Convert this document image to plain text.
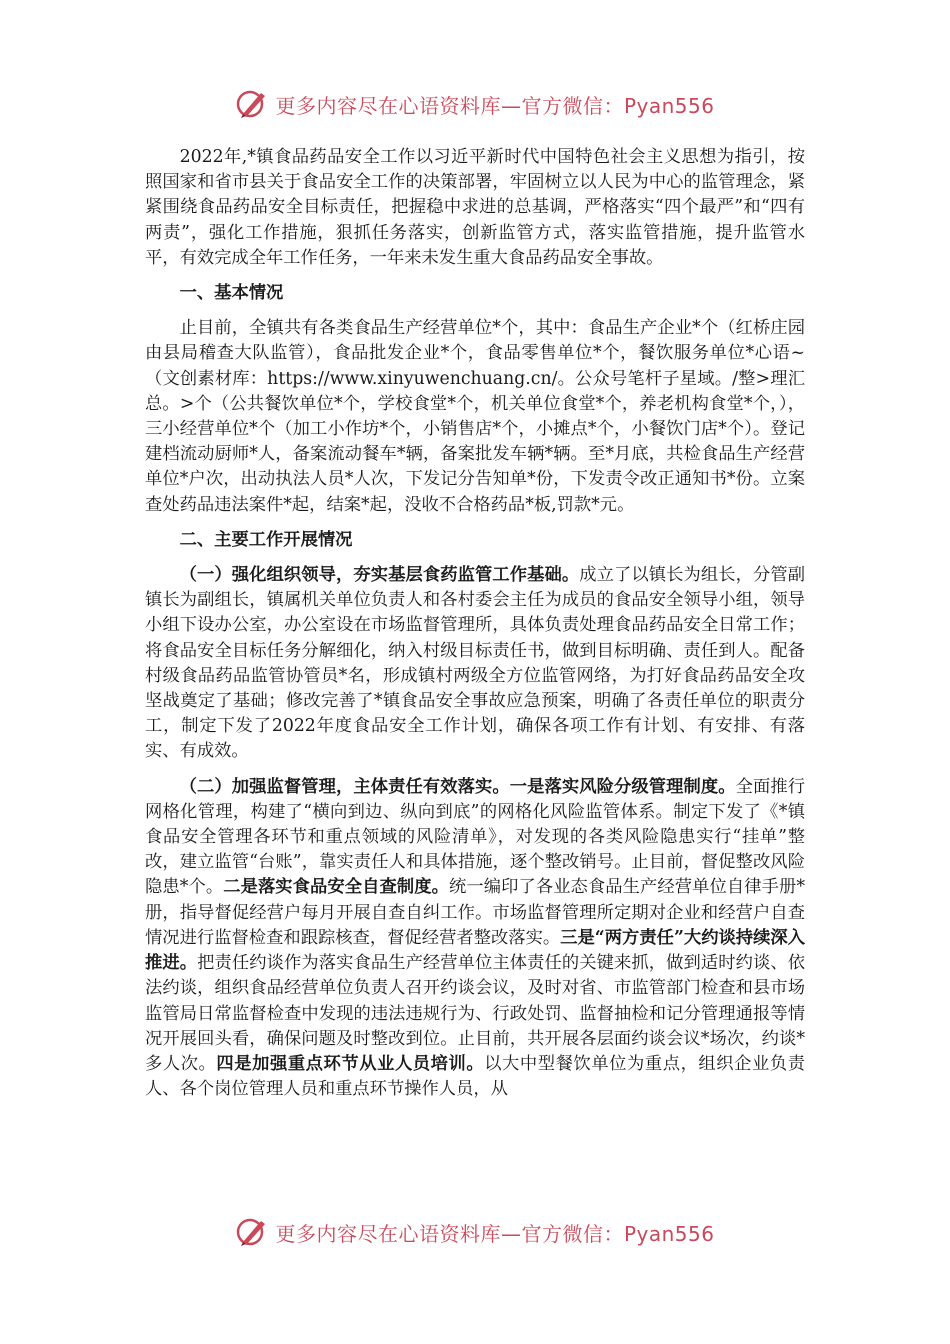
更多内容尽在心语资料库—官方微信：Pyan556

2022年,*镇食品药品安全工作以习近平新时代中国特色社会主义思想为指引，按照国家和省市县关于食品安全工作的决策部署，牢固树立以人民为中心的监管理念，紧紧围绕食品药品安全目标责任，把握稳中求进的总基调，严格落实“四个最严”和“四有两责”，强化工作措施，狠抓任务落实，创新监管方式，落实监管措施，提升监管水平，有效完成全年工作任务，一年来未发生重大食品药品安全事故。

一、基本情况

止目前，全镇共有各类食品生产经营单位*个，其中：食品生产企业*个（红桥庄园由县局稽查大队监管），食品批发企业*个，食品零售单位*个，餐饮服务单位*心语~（文创素材库：https://www.xinyuwenchuang.cn/。公众号笔杆子星域。/整>理汇总。>个（公共餐饮单位*个，学校食堂*个，机关单位食堂*个，养老机构食堂*个，），三小经营单位*个（加工小作坊*个，小销售店*个，小摊点*个，小餐饮门店*个）。登记建档流动厨师*人，备案流动餐车*辆，备案批发车辆*辆。至*月底，共检食品生产经营单位*户次，出动执法人员*人次，下发记分告知单*份，下发责令改正通知书*份。立案查处药品违法案件*起，结案*起，没收不合格药品*板,罚款*元。

二、主要工作开展情况

（一）强化组织领导，夯实基层食药监管工作基础。成立了以镇长为组长，分管副镇长为副组长，镇属机关单位负责人和各村委会主任为成员的食品安全领导小组，领导小组下设办公室，办公室设在市场监督管理所，具体负责处理食品药品安全日常工作；将食品安全目标任务分解细化，纳入村级目标责任书，做到目标明确、责任到人。配备村级食品药品监管协管员*名，形成镇村两级全方位监管网络，为打好食品药品安全攻坚战奠定了基础；修改完善了*镇食品安全事故应急预案，明确了各责任单位的职责分工，制定下发了2022年度食品安全工作计划，确保各项工作有计划、有安排、有落实、有成效。

（二）加强监督管理，主体责任有效落实。一是落实风险分级管理制度。全面推行网格化管理，构建了“横向到边、纵向到底”的网格化风险监管体系。制定下发了《*镇食品安全管理各环节和重点领域的风险清单》，对发现的各类风险隐患实行“挂单”整改，建立监管“台账”，靠实责任人和具体措施，逐个整改销号。止目前，督促整改风险隐患*个。二是落实食品安全自查制度。统一编印了各业态食品生产经营单位自律手册*册，指导督促经营户每月开展自查自纠工作。市场监督管理所定期对企业和经营户自查情况进行监督检查和跟踪核查，督促经营者整改落实。三是“两方责任”大约谈持续深入推进。把责任约谈作为落实食品生产经营单位主体责任的关键来抓，做到适时约谈、依法约谈，组织食品经营单位负责人召开约谈会议，及时对省、市监管部门检查和县市场监管局日常监督检查中发现的违法违规行为、行政处罚、监督抽检和记分管理通报等情况开展回头看，确保问题及时整改到位。止目前，共开展各层面约谈会议*场次，约谈*多人次。四是加强重点环节从业人员培训。以大中型餐饮单位为重点，组织企业负责人、各个岗位管理人员和重点环节操作人员，从

更多内容尽在心语资料库—官方微信：Pyan556
